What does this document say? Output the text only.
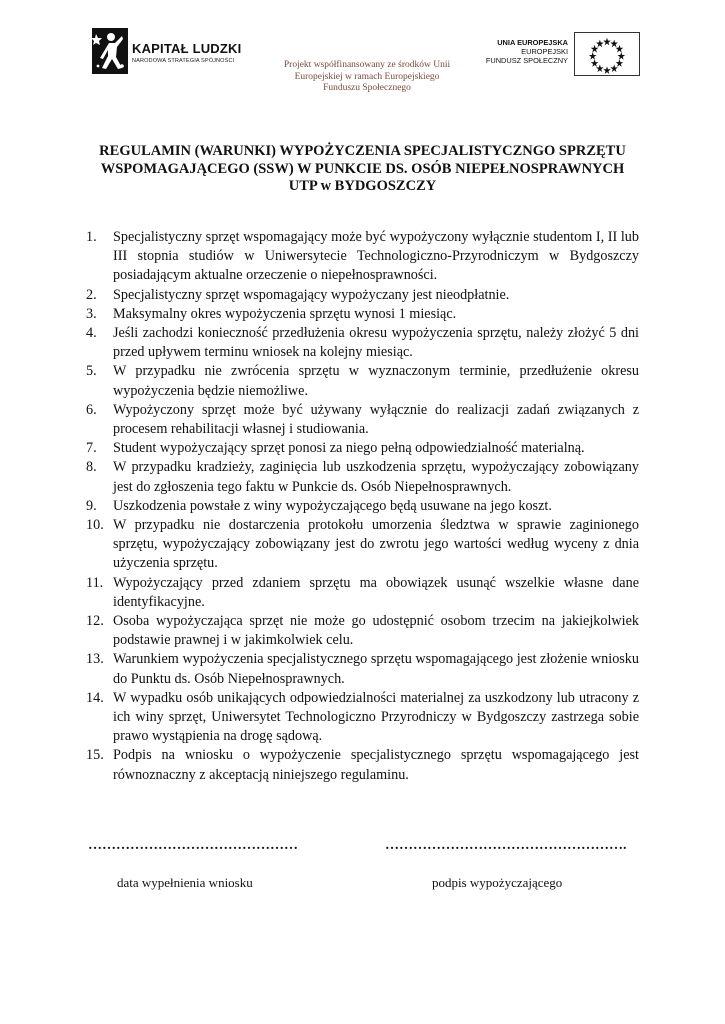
KAPITAŁ LUDZKI
NARODOWA STRATEGIA SPÓJNOŚCI	Projekt współfinansowany ze środków Unii
Europejskiej w ramach Europejskiego
Funduszu Społecznego
UNIA EUROPEJSKA
EUROPEJSKI
FUNDUSZ SPOŁECZNY
REGULAMIN (WARUNKI) WYPOŻYCZENIA SPECJALISTYCZNGO SPRZĘTU
WSPOMAGAJĄCEGO (SSW) W PUNKCIE DS. OSÓB NIEPEŁNOSPRAWNYCH
UTP w BYDGOSZCZY
1. Specjalistyczny sprzęt wspomagający może być wypożyczony wyłącznie studentom I, II lub III stopnia studiów w Uniwersytecie Technologiczno-Przyrodniczym w Bydgoszczy posiadającym aktualne orzeczenie o niepełnosprawności.
2. Specjalistyczny sprzęt wspomagający wypożyczany jest nieodpłatnie.
3. Maksymalny okres wypożyczenia sprzętu wynosi 1 miesiąc.
4. Jeśli zachodzi konieczność przedłużenia okresu wypożyczenia sprzętu, należy złożyć 5 dni przed upływem terminu wniosek na kolejny miesiąc.
5. W przypadku nie zwrócenia sprzętu w wyznaczonym terminie, przedłużenie okresu wypożyczenia będzie niemożliwe.
6. Wypożyczony sprzęt może być używany wyłącznie do realizacji zadań związanych z procesem rehabilitacji własnej i studiowania.
7. Student wypożyczający sprzęt ponosi za niego pełną odpowiedzialność materialną.
8. W przypadku kradzieży, zaginięcia lub uszkodzenia sprzętu, wypożyczający zobowiązany jest do zgłoszenia tego faktu w Punkcie ds. Osób Niepełnosprawnych.
9. Uszkodzenia powstałe z winy wypożyczającego będą usuwane na jego koszt.
10. W przypadku nie dostarczenia protokołu umorzenia śledztwa w sprawie zaginionego sprzętu, wypożyczający zobowiązany jest do zwrotu jego wartości według wyceny z dnia użyczenia sprzętu.
11. Wypożyczający przed zdaniem sprzętu ma obowiązek usunąć wszelkie własne dane identyfikacyjne.
12. Osoba wypożyczająca sprzęt nie może go udostępnić osobom trzecim na jakiejkolwiek podstawie prawnej i w jakimkolwiek celu.
13. Warunkiem wypożyczenia specjalistycznego sprzętu wspomagającego jest złożenie wniosku do Punktu ds. Osób Niepełnosprawnych.
14. W wypadku osób unikających odpowiedzialności materialnej za uszkodzony lub utracony z ich winy sprzęt, Uniwersytet Technologiczno Przyrodniczy w Bydgoszczy zastrzega sobie prawo wystąpienia na drogę sądową.
15. Podpis na wniosku o wypożyczenie specjalistycznego sprzętu wspomagającego jest równoznaczny z akceptacją niniejszego regulaminu.
………………………………………	…………………………………………….
data wypełnienia wniosku	podpis wypożyczającego
